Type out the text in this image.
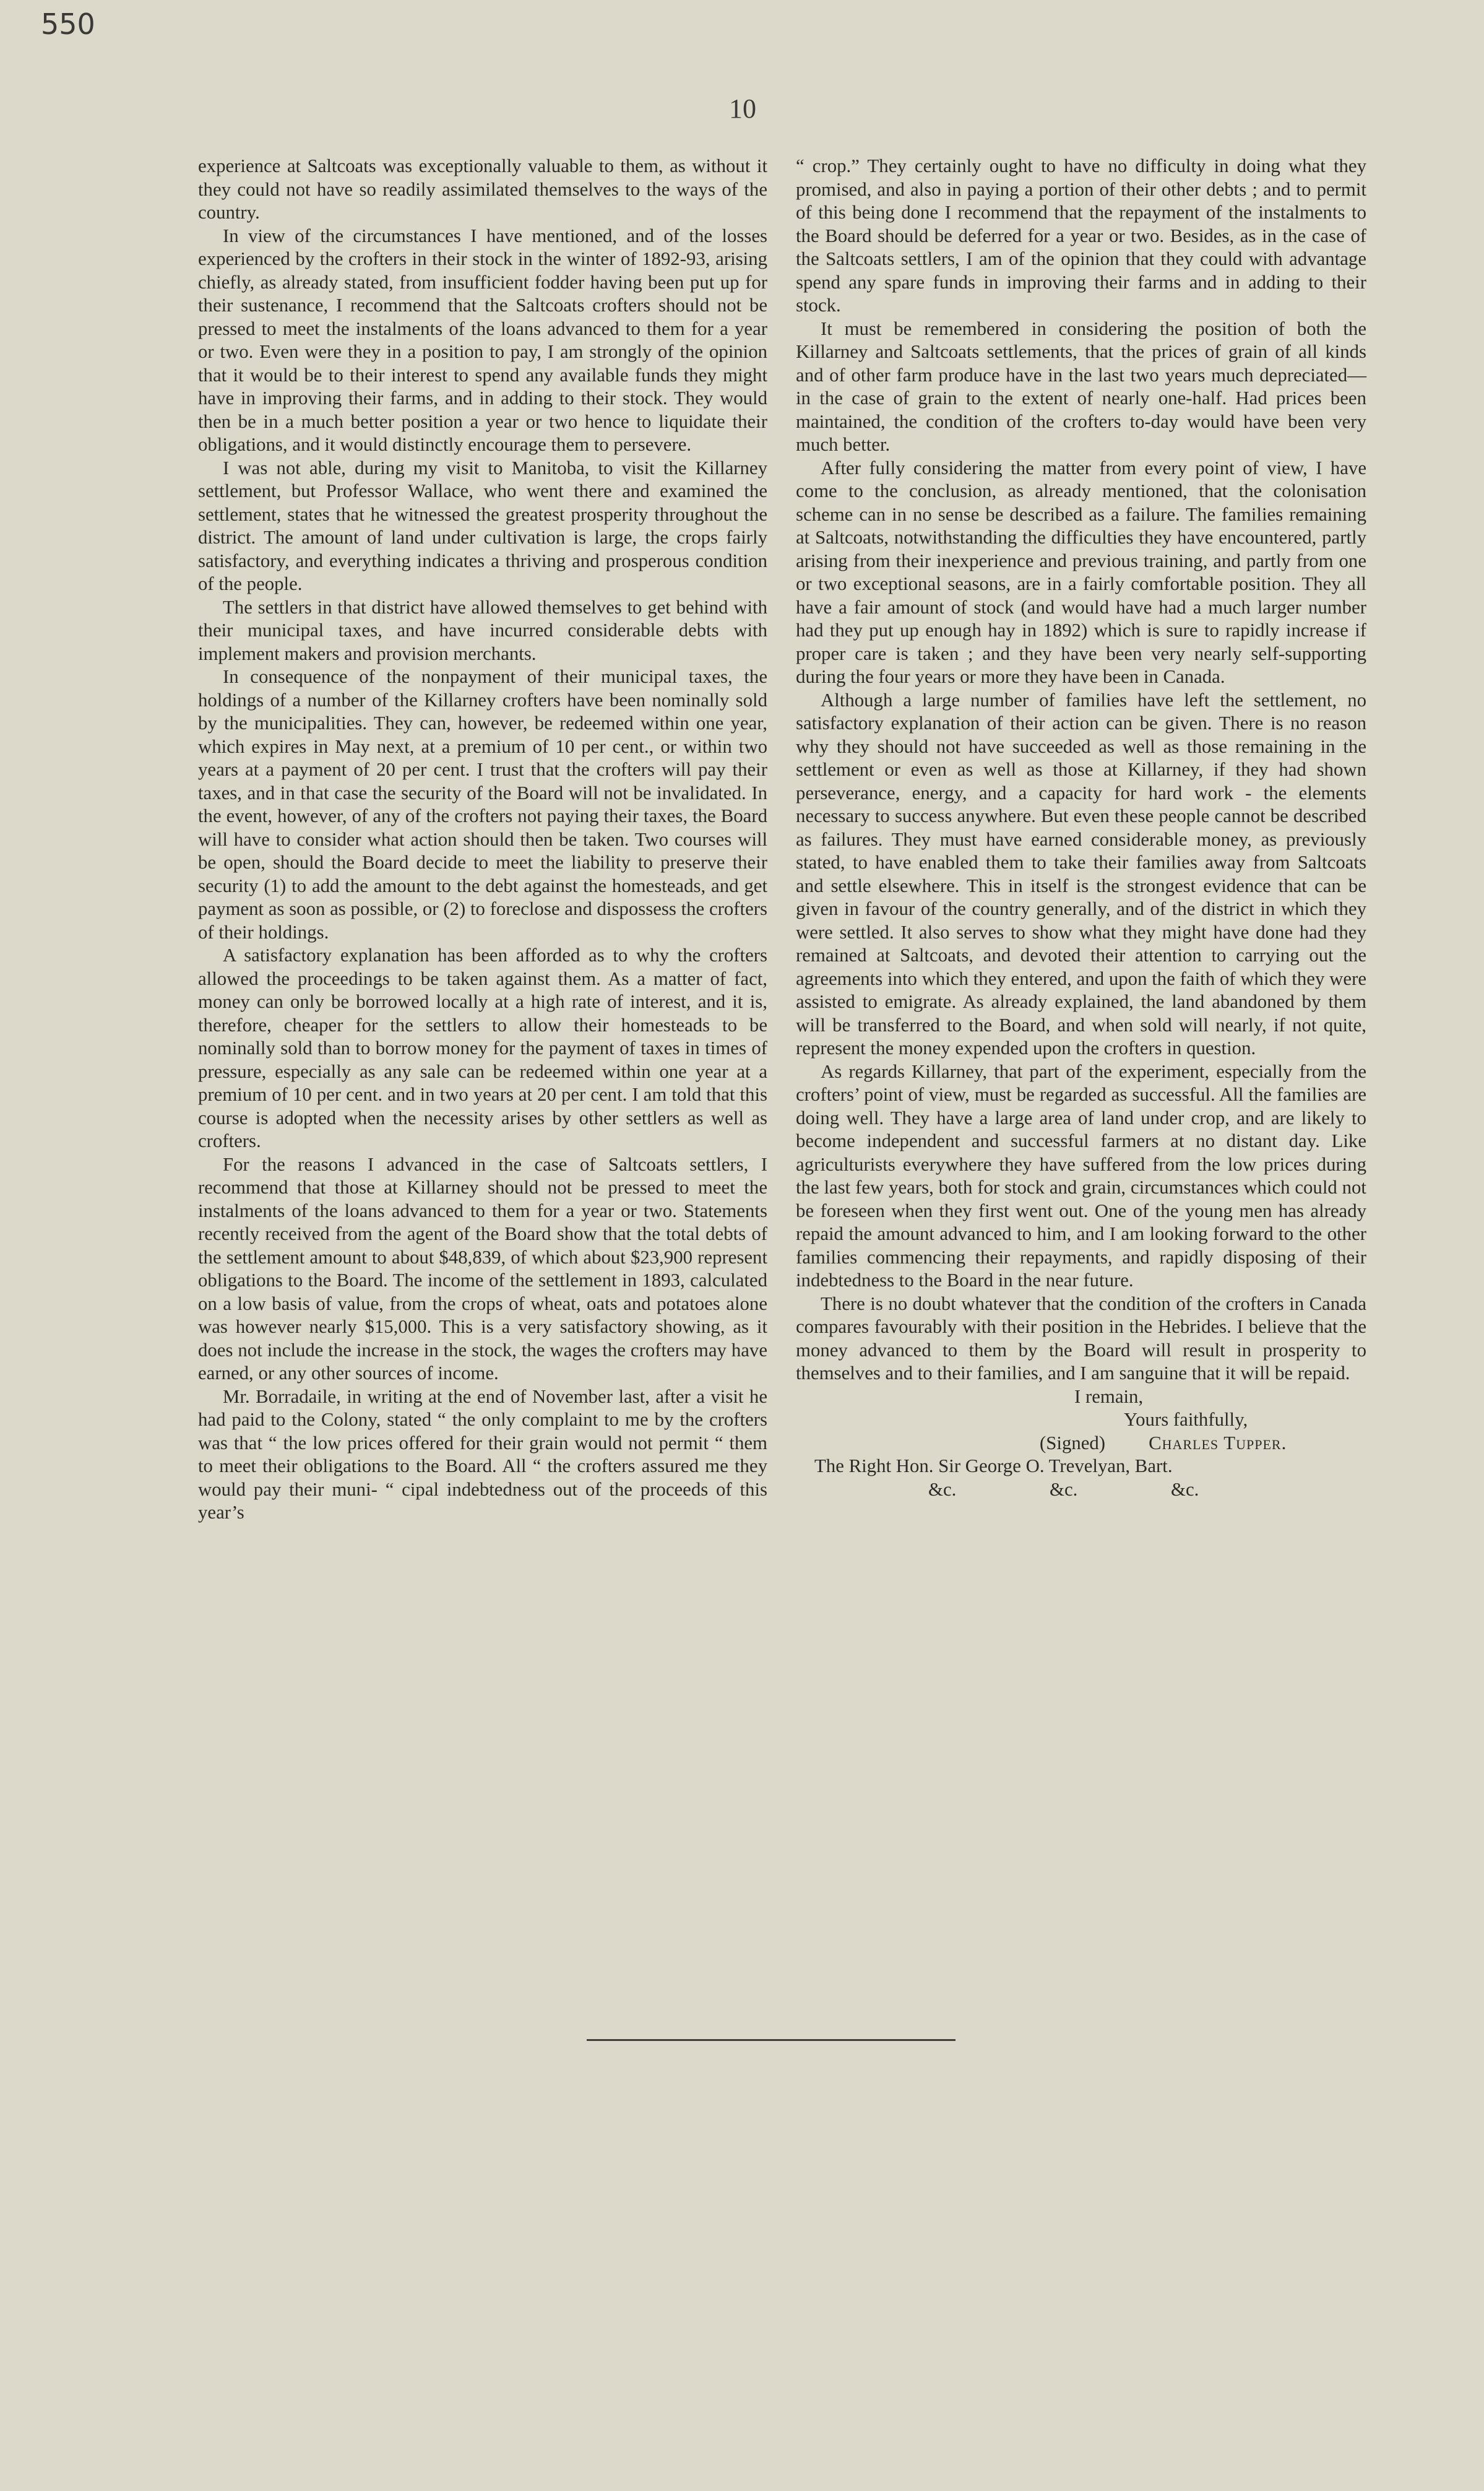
550
10

experience at Saltcoats was exceptionally valuable to them, as without it they could not have so readily assimilated themselves to the ways of the country.

In view of the circumstances I have mentioned, and of the losses experienced by the crofters in their stock in the winter of 1892-93, arising chiefly, as already stated, from insufficient fodder having been put up for their sustenance, I recommend that the Saltcoats crofters should not be pressed to meet the instalments of the loans advanced to them for a year or two. Even were they in a position to pay, I am strongly of the opinion that it would be to their interest to spend any available funds they might have in improving their farms, and in adding to their stock. They would then be in a much better position a year or two hence to liquidate their obligations, and it would distinctly encourage them to persevere.

I was not able, during my visit to Manitoba, to visit the Killarney settlement, but Professor Wallace, who went there and examined the settlement, states that he witnessed the greatest prosperity throughout the district. The amount of land under cultivation is large, the crops fairly satisfactory, and everything indicates a thriving and prosperous condition of the people.

The settlers in that district have allowed themselves to get behind with their municipal taxes, and have incurred considerable debts with implement makers and provision merchants.

In consequence of the nonpayment of their municipal taxes, the holdings of a number of the Killarney crofters have been nominally sold by the municipalities. They can, however, be redeemed within one year, which expires in May next, at a premium of 10 per cent., or within two years at a payment of 20 per cent. I trust that the crofters will pay their taxes, and in that case the security of the Board will not be invalidated. In the event, however, of any of the crofters not paying their taxes, the Board will have to consider what action should then be taken. Two courses will be open, should the Board decide to meet the liability to preserve their security (1) to add the amount to the debt against the homesteads, and get payment as soon as possible, or (2) to foreclose and dispossess the crofters of their holdings.

A satisfactory explanation has been afforded as to why the crofters allowed the proceedings to be taken against them. As a matter of fact, money can only be borrowed locally at a high rate of interest, and it is, therefore, cheaper for the settlers to allow their homesteads to be nominally sold than to borrow money for the payment of taxes in times of pressure, especially as any sale can be redeemed within one year at a premium of 10 per cent. and in two years at 20 per cent. I am told that this course is adopted when the necessity arises by other settlers as well as crofters.

For the reasons I advanced in the case of Saltcoats settlers, I recommend that those at Killarney should not be pressed to meet the instalments of the loans advanced to them for a year or two. Statements recently received from the agent of the Board show that the total debts of the settlement amount to about $48,839, of which about $23,900 represent obligations to the Board. The income of the settlement in 1893, calculated on a low basis of value, from the crops of wheat, oats and potatoes alone was however nearly $15,000. This is a very satisfactory showing, as it does not include the increase in the stock, the wages the crofters may have earned, or any other sources of income.

Mr. Borradaile, in writing at the end of November last, after a visit he had paid to the Colony, stated “ the only complaint to me by the crofters was that “ the low prices offered for their grain would not permit “ them to meet their obligations to the Board. All “ the crofters assured me they would pay their muni- “ cipal indebtedness out of the proceeds of this year’s

“ crop.” They certainly ought to have no difficulty in doing what they promised, and also in paying a portion of their other debts ; and to permit of this being done I recommend that the repayment of the instalments to the Board should be deferred for a year or two. Besides, as in the case of the Saltcoats settlers, I am of the opinion that they could with advantage spend any spare funds in improving their farms and in adding to their stock.

It must be remembered in considering the position of both the Killarney and Saltcoats settlements, that the prices of grain of all kinds and of other farm produce have in the last two years much depreciated— in the case of grain to the extent of nearly one-half. Had prices been maintained, the condition of the crofters to-day would have been very much better.

After fully considering the matter from every point of view, I have come to the conclusion, as already mentioned, that the colonisation scheme can in no sense be described as a failure. The families remaining at Saltcoats, notwithstanding the difficulties they have encountered, partly arising from their inexperience and previous training, and partly from one or two exceptional seasons, are in a fairly comfortable position. They all have a fair amount of stock (and would have had a much larger number had they put up enough hay in 1892) which is sure to rapidly increase if proper care is taken ; and they have been very nearly self-supporting during the four years or more they have been in Canada.

Although a large number of families have left the settlement, no satisfactory explanation of their action can be given. There is no reason why they should not have succeeded as well as those remaining in the settlement or even as well as those at Killarney, if they had shown perseverance, energy, and a capacity for hard work - the elements necessary to success anywhere. But even these people cannot be described as failures. They must have earned considerable money, as previously stated, to have enabled them to take their families away from Saltcoats and settle elsewhere. This in itself is the strongest evidence that can be given in favour of the country generally, and of the district in which they were settled. It also serves to show what they might have done had they remained at Saltcoats, and devoted their attention to carrying out the agreements into which they entered, and upon the faith of which they were assisted to emigrate. As already explained, the land abandoned by them will be transferred to the Board, and when sold will nearly, if not quite, represent the money expended upon the crofters in question.

As regards Killarney, that part of the experiment, especially from the crofters’ point of view, must be regarded as successful. All the families are doing well. They have a large area of land under crop, and are likely to become independent and successful farmers at no distant day. Like agriculturists everywhere they have suffered from the low prices during the last few years, both for stock and grain, circumstances which could not be foreseen when they first went out. One of the young men has already repaid the amount advanced to him, and I am looking forward to the other families commencing their repayments, and rapidly disposing of their indebtedness to the Board in the near future.

There is no doubt whatever that the condition of the crofters in Canada compares favourably with their position in the Hebrides. I believe that the money advanced to them by the Board will result in prosperity to themselves and to their families, and I am sanguine that it will be repaid.

I remain,
Yours faithfully,
(Signed) Charles Tupper.
The Right Hon. Sir George O. Trevelyan, Bart.
&c.	&c.	&c.
